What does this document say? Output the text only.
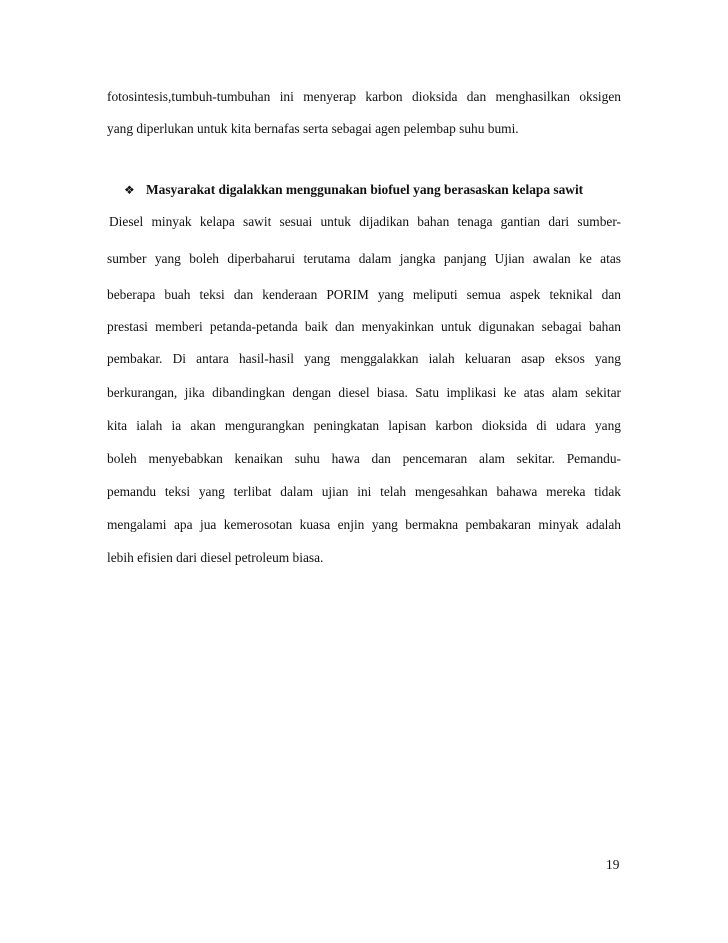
fotosintesis,tumbuh-tumbuhan ini menyerap karbon dioksida dan menghasilkan oksigen
yang diperlukan untuk kita bernafas serta sebagai agen pelembap suhu bumi.
❖ Masyarakat digalakkan menggunakan biofuel yang berasaskan kelapa sawit
Diesel minyak kelapa sawit sesuai untuk dijadikan bahan tenaga gantian dari sumber-
sumber yang boleh diperbaharui terutama dalam jangka panjang Ujian awalan ke atas
beberapa buah teksi dan kenderaan PORIM yang meliputi semua aspek teknikal dan
prestasi memberi petanda-petanda baik dan menyakinkan untuk digunakan sebagai bahan
pembakar. Di antara hasil-hasil yang menggalakkan ialah keluaran asap eksos yang
berkurangan, jika dibandingkan dengan diesel biasa. Satu implikasi ke atas alam sekitar
kita ialah ia akan mengurangkan peningkatan lapisan karbon dioksida di udara yang
boleh menyebabkan kenaikan suhu hawa dan pencemaran alam sekitar. Pemandu-
pemandu teksi yang terlibat dalam ujian ini telah mengesahkan bahawa mereka tidak
mengalami apa jua kemerosotan kuasa enjin yang bermakna pembakaran minyak adalah
lebih efisien dari diesel petroleum biasa.
19
